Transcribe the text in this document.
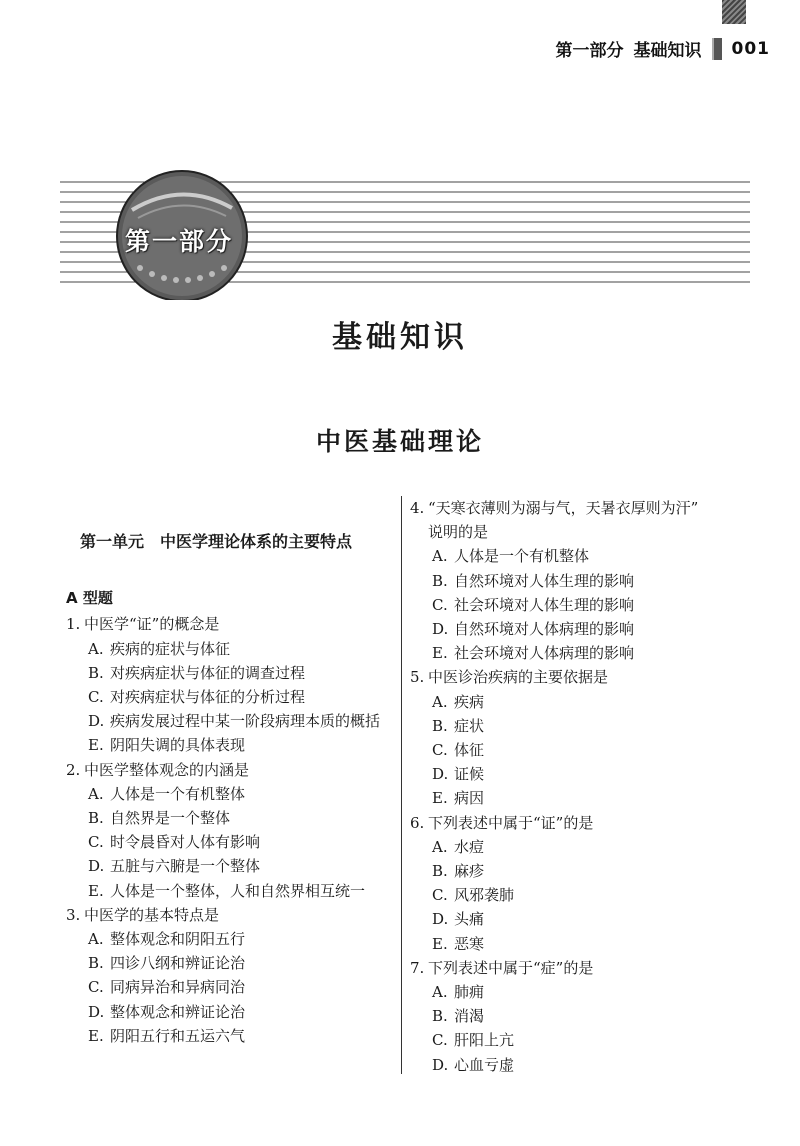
第一部分 基础知识 001
第一部分
基础知识
中医基础理论
第一单元　中医学理论体系的主要特点
A 型题
1. 中医学“证”的概念是
A. 疾病的症状与体征
B. 对疾病症状与体征的调查过程
C. 对疾病症状与体征的分析过程
D. 疾病发展过程中某一阶段病理本质的概括
E. 阴阳失调的具体表现
2. 中医学整体观念的内涵是
A. 人体是一个有机整体
B. 自然界是一个整体
C. 时令晨昏对人体有影响
D. 五脏与六腑是一个整体
E. 人体是一个整体，人和自然界相互统一
3. 中医学的基本特点是
A. 整体观念和阴阳五行
B. 四诊八纲和辨证论治
C. 同病异治和异病同治
D. 整体观念和辨证论治
E. 阴阳五行和五运六气
4. “天寒衣薄则为溺与气，天暑衣厚则为汗”
说明的是
A. 人体是一个有机整体
B. 自然环境对人体生理的影响
C. 社会环境对人体生理的影响
D. 自然环境对人体病理的影响
E. 社会环境对人体病理的影响
5. 中医诊治疾病的主要依据是
A. 疾病
B. 症状
C. 体征
D. 证候
E. 病因
6. 下列表述中属于“证”的是
A. 水痘
B. 麻疹
C. 风邪袭肺
D. 头痛
E. 恶寒
7. 下列表述中属于“症”的是
A. 肺痈
B. 消渴
C. 肝阳上亢
D. 心血亏虚
